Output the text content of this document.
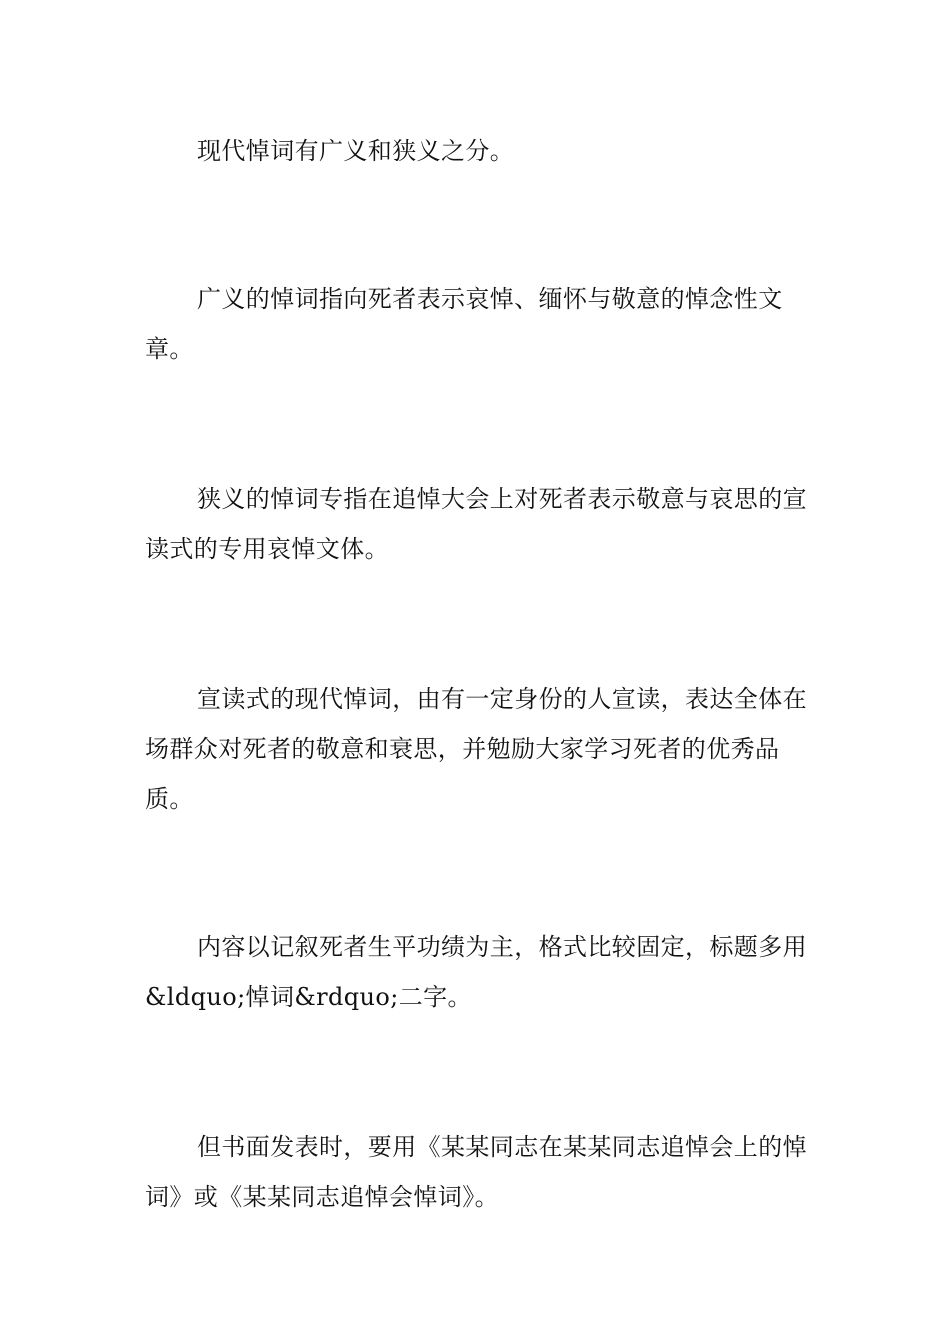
现代悼词有广义和狭义之分。

广义的悼词指向死者表示哀悼、缅怀与敬意的悼念性文章。

狭义的悼词专指在追悼大会上对死者表示敬意与哀思的宣读式的专用哀悼文体。

宣读式的现代悼词，由有一定身份的人宣读，表达全体在场群众对死者的敬意和衰思，并勉励大家学习死者的优秀品质。

内容以记叙死者生平功绩为主，格式比较固定，标题多用&ldquo;悼词&rdquo;二字。

但书面发表时，要用《某某同志在某某同志追悼会上的悼词》或《某某同志追悼会悼词》。
